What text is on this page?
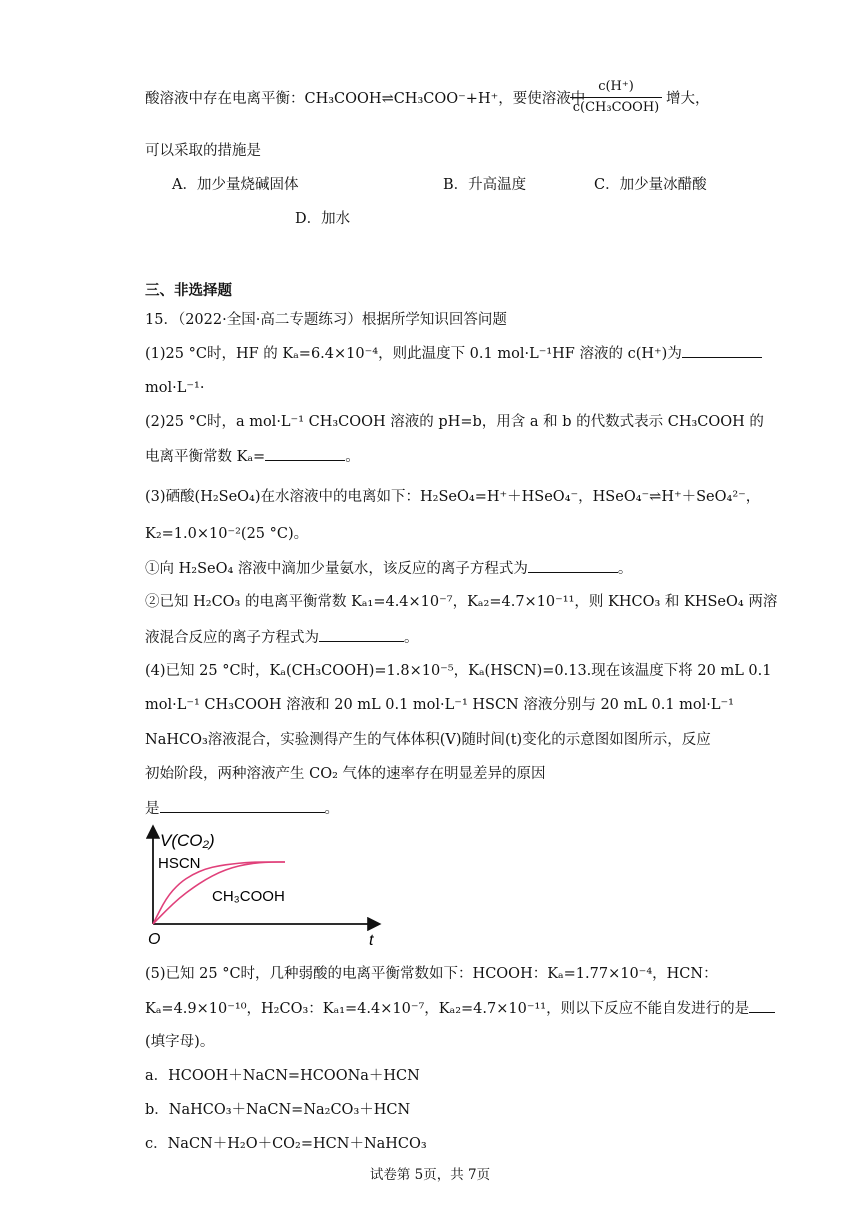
酸溶液中存在电离平衡：CH₃COOH⇌CH₃COO⁻+H⁺，要使溶液中
c(H⁺)
c(CH₃COOH)
增大，
可以采取的措施是
A．加少量烧碱固体	B．升高温度	C．加少量冰醋酸
D．加水
三、非选择题
15．（2022·全国·高二专题练习）根据所学知识回答问题
(1)25 °C时，HF 的 Kₐ=6.4×10⁻⁴，则此温度下 0.1 mol·L⁻¹HF 溶液的 c(H⁺)为
mol·L⁻¹·
(2)25 °C时，a mol·L⁻¹ CH₃COOH 溶液的 pH=b，用含 a 和 b 的代数式表示 CH₃COOH 的
电离平衡常数 Kₐ=	。
(3)硒酸(H₂SeO₄)在水溶液中的电离如下：H₂SeO₄=H⁺＋HSeO₄⁻，HSeO₄⁻⇌H⁺＋SeO₄²⁻，
K₂=1.0×10⁻²(25 °C)。
①向 H₂SeO₄ 溶液中滴加少量氨水，该反应的离子方程式为	。
②已知 H₂CO₃ 的电离平衡常数 Kₐ₁=4.4×10⁻⁷，Kₐ₂=4.7×10⁻¹¹，则 KHCO₃ 和 KHSeO₄ 两溶
液混合反应的离子方程式为	。
(4)已知 25 °C时，Kₐ(CH₃COOH)=1.8×10⁻⁵，Kₐ(HSCN)=0.13.现在该温度下将 20 mL 0.1
mol·L⁻¹ CH₃COOH 溶液和 20 mL 0.1 mol·L⁻¹ HSCN 溶液分别与 20 mL 0.1 mol·L⁻¹
NaHCO₃溶液混合，实验测得产生的气体体积(V)随时间(t)变化的示意图如图所示，反应
初始阶段，两种溶液产生 CO₂ 气体的速率存在明显差异的原因
是	。
V(CO₂)
O	t
HSCN
CH₃COOH
(5)已知 25 °C时，几种弱酸的电离平衡常数如下：HCOOH：Kₐ=1.77×10⁻⁴，HCN：
Kₐ=4.9×10⁻¹⁰，H₂CO₃：Kₐ₁=4.4×10⁻⁷，Kₐ₂=4.7×10⁻¹¹，则以下反应不能自发进行的是
(填字母)。
a．HCOOH＋NaCN=HCOONa＋HCN
b．NaHCO₃＋NaCN=Na₂CO₃＋HCN
c．NaCN＋H₂O＋CO₂=HCN＋NaHCO₃
试卷第 5页，共 7页
